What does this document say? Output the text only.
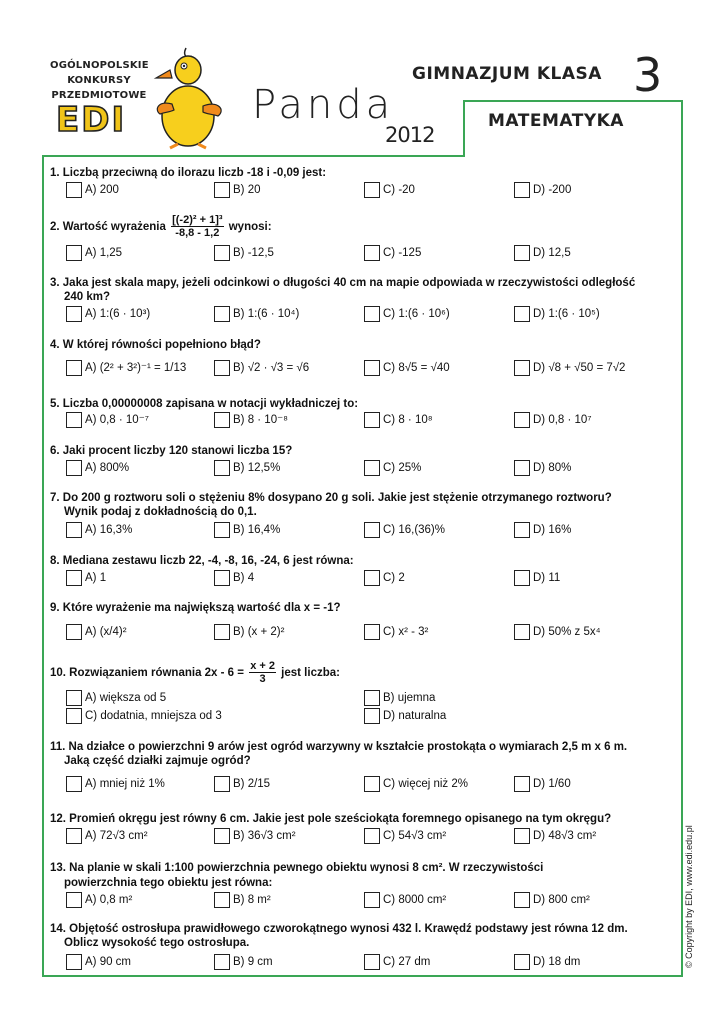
OGÓLNOPOLSKIE
KONKURSY
PRZEDMIOTOWE
EDI	Panda
2012
GIMNAZJUM KLASA 3
MATEMATYKA
1. Liczbą przeciwną do ilorazu liczb -18 i -0,09 jest:
A) 200	B) 20	C) -20	D) -200
2. Wartość wyrażenia $\frac{\text{[(-2)² + 1]³}}{-8,8 - 1,2}$ wynosi:
A) 1,25	B) -12,5	C) -125	D) 12,5
3. Jaka jest skala mapy, jeżeli odcinkowi o długości 40 cm na mapie odpowiada w rzeczywistości odległość
240 km?
A) 1:(6 · 10³)	B) 1:(6 · 10⁴)	C) 1:(6 · 10⁶)	D) 1:(6 · 10⁵)
4. W której równości popełniono błąd?
A) (2² + 3²)⁻¹ = 1/13	B) √2 · √3 = √6	C) 8√5 = √40	D) √8 + √50 = 7√2
5. Liczba 0,00000008 zapisana w notacji wykładniczej to:
A) 0,8 · 10⁻⁷	B) 8 · 10⁻⁸	C) 8 · 10⁸	D) 0,8 · 10⁷
6. Jaki procent liczby 120 stanowi liczba 15?
A) 800%	B) 12,5%	C) 25%	D) 80%
7. Do 200 g roztworu soli o stężeniu 8% dosypano 20 g soli. Jakie jest stężenie otrzymanego roztworu?
Wynik podaj z dokładnością do 0,1.
A) 16,3%	B) 16,4%	C) 16,(36)%	D) 16%
8. Mediana zestawu liczb 22, -4, -8, 16, -24, 6 jest równa:
A) 1	B) 4	C) 2	D) 11
9. Które wyrażenie ma największą wartość dla x = -1?
A) (x/4)²	B) (x + 2)²	C) x² - 3²	D) 50% z 5x⁴
10. Rozwiązaniem równania $2x - 6 = \frac{x + 2}{3}$ jest liczba:
A) większa od 5	B) ujemna
C) dodatnia, mniejsza od 3	D) naturalna
11. Na działce o powierzchni 9 arów jest ogród warzywny w kształcie prostokąta o wymiarach 2,5 m x 6 m.
Jaką część działki zajmuje ogród?
A) mniej niż 1%	B) 2/15	C) więcej niż 2%	D) 1/60
12. Promień okręgu jest równy 6 cm. Jakie jest pole sześciokąta foremnego opisanego na tym okręgu?
A) 72√3 cm²	B) 36√3 cm²	C) 54√3 cm²	D) 48√3 cm²
13. Na planie w skali 1:100 powierzchnia pewnego obiektu wynosi 8 cm². W rzeczywistości
powierzchnia tego obiektu jest równa:
A) 0,8 m²	B) 8 m²	C) 8000 cm²	D) 800 cm²
14. Objętość ostrosłupa prawidłowego czworokątnego wynosi 432 l. Krawędź podstawy jest równa 12 dm.
Oblicz wysokość tego ostrosłupa.
A) 90 cm	B) 9 cm	C) 27 dm	D) 18 dm	© Copyright by EDI, www.edi.edu.pl
